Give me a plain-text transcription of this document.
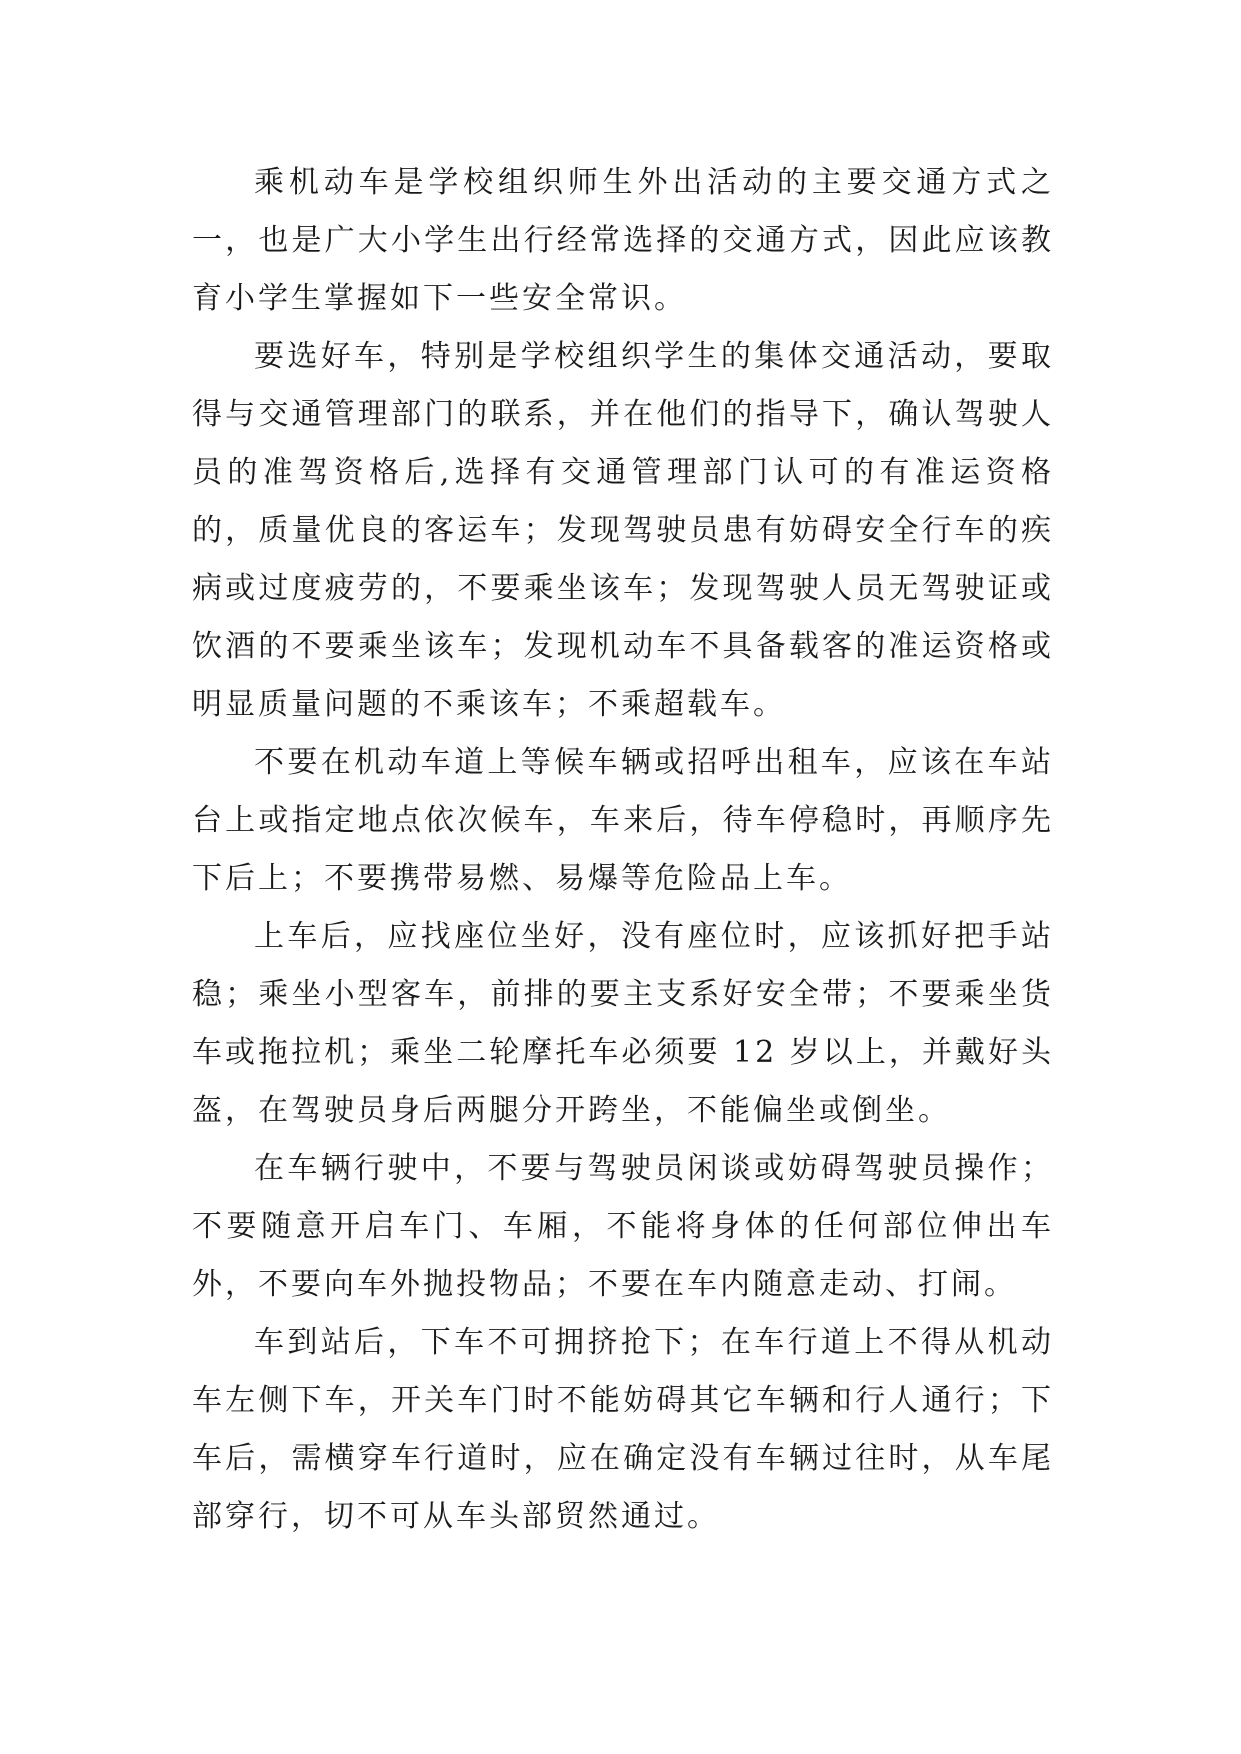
乘机动车是学校组织师生外出活动的主要交通方式之一，也是广大小学生出行经常选择的交通方式，因此应该教育小学生掌握如下一些安全常识。

要选好车，特别是学校组织学生的集体交通活动，要取得与交通管理部门的联系，并在他们的指导下，确认驾驶人员的准驾资格后,选择有交通管理部门认可的有准运资格的，质量优良的客运车；发现驾驶员患有妨碍安全行车的疾病或过度疲劳的，不要乘坐该车；发现驾驶人员无驾驶证或饮酒的不要乘坐该车；发现机动车不具备载客的准运资格或明显质量问题的不乘该车；不乘超载车。

不要在机动车道上等候车辆或招呼出租车，应该在车站台上或指定地点依次候车，车来后，待车停稳时，再顺序先下后上；不要携带易燃、易爆等危险品上车。

上车后，应找座位坐好，没有座位时，应该抓好把手站稳；乘坐小型客车，前排的要主支系好安全带；不要乘坐货车或拖拉机；乘坐二轮摩托车必须要 12 岁以上，并戴好头盔，在驾驶员身后两腿分开跨坐，不能偏坐或倒坐。

在车辆行驶中，不要与驾驶员闲谈或妨碍驾驶员操作；不要随意开启车门、车厢，不能将身体的任何部位伸出车外，不要向车外抛投物品；不要在车内随意走动、打闹。

车到站后，下车不可拥挤抢下；在车行道上不得从机动车左侧下车，开关车门时不能妨碍其它车辆和行人通行；下车后，需横穿车行道时，应在确定没有车辆过往时，从车尾部穿行，切不可从车头部贸然通过。
